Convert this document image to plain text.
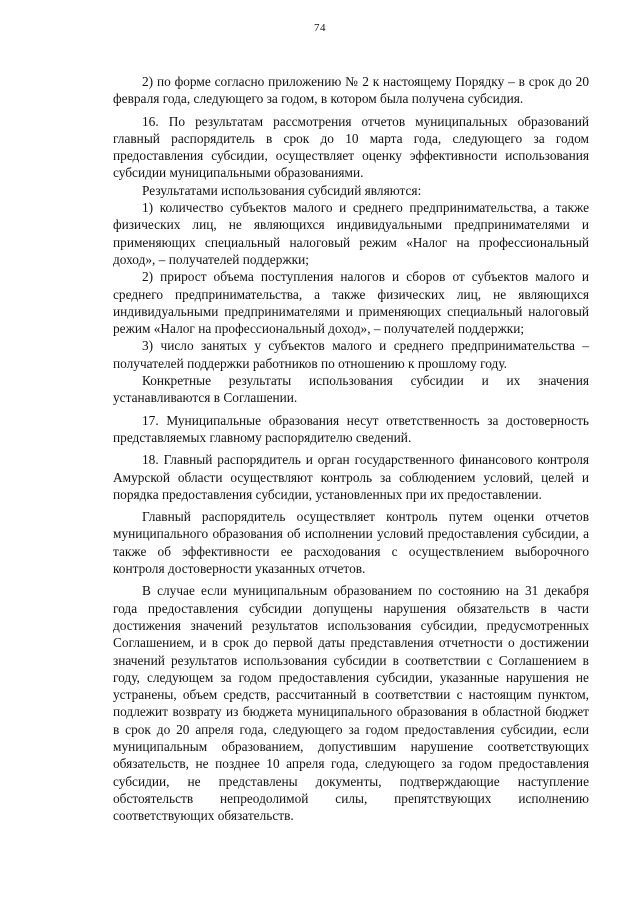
74

2) по форме согласно приложению № 2 к настоящему Порядку – в срок до 20 февраля года, следующего за годом, в котором была получена субсидия.

16. По результатам рассмотрения отчетов муниципальных образований главный распорядитель в срок до 10 марта года, следующего за годом предоставления субсидии, осуществляет оценку эффективности использования субсидии муниципальными образованиями.

Результатами использования субсидий являются:

1) количество субъектов малого и среднего предпринимательства, а также физических лиц, не являющихся индивидуальными предпринимателями и применяющих специальный налоговый режим «Налог на профессиональный доход», – получателей поддержки;

2) прирост объема поступления налогов и сборов от субъектов малого и среднего предпринимательства, а также физических лиц, не являющихся индивидуальными предпринимателями и применяющих специальный налоговый режим «Налог на профессиональный доход», – получателей поддержки;

3) число занятых у субъектов малого и среднего предпринимательства – получателей поддержки работников по отношению к прошлому году.

Конкретные результаты использования субсидии и их значения устанавливаются в Соглашении.

17. Муниципальные образования несут ответственность за достоверность представляемых главному распорядителю сведений.

18. Главный распорядитель и орган государственного финансового контроля Амурской области осуществляют контроль за соблюдением условий, целей и порядка предоставления субсидии, установленных при их предоставлении.

Главный распорядитель осуществляет контроль путем оценки отчетов муниципального образования об исполнении условий предоставления субсидии, а также об эффективности ее расходования с осуществлением выборочного контроля достоверности указанных отчетов.

В случае если муниципальным образованием по состоянию на 31 декабря года предоставления субсидии допущены нарушения обязательств в части достижения значений результатов использования субсидии, предусмотренных Соглашением, и в срок до первой даты представления отчетности о достижении значений результатов использования субсидии в соответствии с Соглашением в году, следующем за годом предоставления субсидии, указанные нарушения не устранены, объем средств, рассчитанный в соответствии с настоящим пунктом, подлежит возврату из бюджета муниципального образования в областной бюджет в срок до 20 апреля года, следующего за годом предоставления субсидии, если муниципальным образованием, допустившим нарушение соответствующих обязательств, не позднее 10 апреля года, следующего за годом предоставления субсидии, не представлены документы, подтверждающие наступление обстоятельств непреодолимой силы, препятствующих исполнению соответствующих обязательств.
